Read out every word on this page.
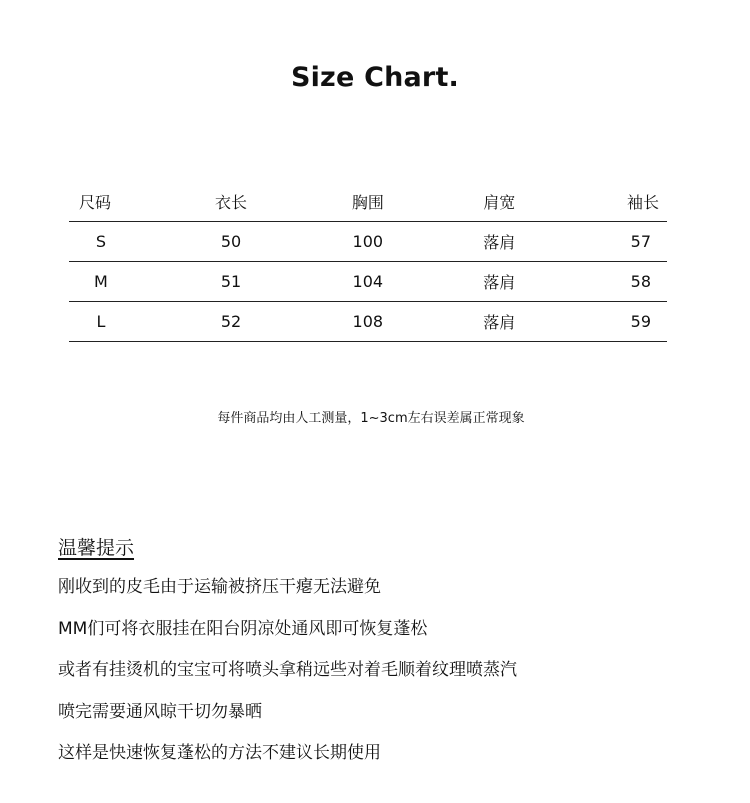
Size Chart.
尺码	衣长	胸围	肩宽	袖长
S	50	100	落肩	57
M	51	104	落肩	58
L	52	108	落肩	59
每件商品均由人工测量，1~3cm左右误差属正常现象
温馨提示
刚收到的皮毛由于运输被挤压干瘪无法避免
MM们可将衣服挂在阳台阴凉处通风即可恢复蓬松
或者有挂烫机的宝宝可将喷头拿稍远些对着毛顺着纹理喷蒸汽
喷完需要通风晾干切勿暴晒
这样是快速恢复蓬松的方法不建议长期使用
